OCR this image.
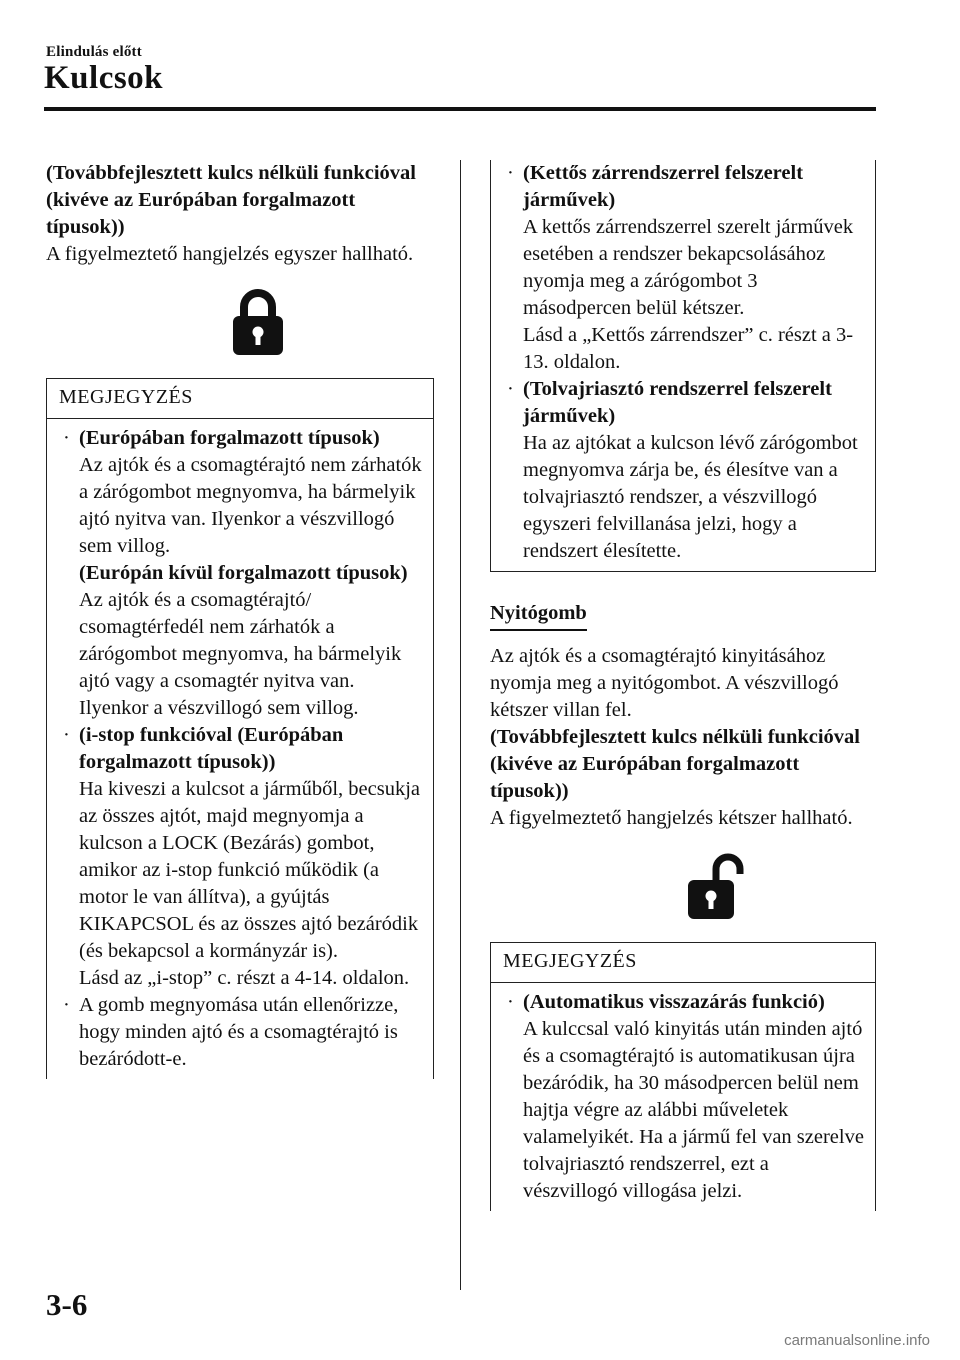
Elindulás előtt
Kulcsok

(Továbbfejlesztett kulcs nélküli funkcióval (kivéve az Európában forgalmazott típusok))

A figyelmeztető hangjelzés egyszer hallható.

MEGJEGYZÉS
· (Európában forgalmazott típusok)

Az ajtók és a csomagtérajtó nem zárhatók a zárógombot megnyomva, ha bármelyik ajtó nyitva van. Ilyenkor a vészvillogó sem villog.

(Európán kívül forgalmazott típusok)

Az ajtók és a csomagtérajtó/ csomagtérfedél nem zárhatók a zárógombot megnyomva, ha bármelyik ajtó vagy a csomagtér nyitva van. Ilyenkor a vészvillogó sem villog.

· (i-stop funkcióval (Európában forgalmazott típusok))

Ha kiveszi a kulcsot a járműből, becsukja az összes ajtót, majd megnyomja a kulcson a LOCK (Bezárás) gombot, amikor az i-stop funkció működik (a motor le van állítva), a gyújtás KIKAPCSOL és az összes ajtó bezáródik (és bekapcsol a kormányzár is).

Lásd az „i-stop” c. részt a 4-14. oldalon.

· A gomb megnyomása után ellenőrizze, hogy minden ajtó és a csomagtérajtó is bezáródott-e.

· (Kettős zárrendszerrel felszerelt járművek)

A kettős zárrendszerrel szerelt járművek esetében a rendszer bekapcsolásához nyomja meg a zárógombot 3 másodpercen belül kétszer.

Lásd a „Kettős zárrendszer” c. részt a 3-13. oldalon.

· (Tolvajriasztó rendszerrel felszerelt járművek)

Ha az ajtókat a kulcson lévő zárógombot megnyomva zárja be, és élesítve van a tolvajriasztó rendszer, a vészvillogó egyszeri felvillanása jelzi, hogy a rendszert élesítette.

Nyitógomb

Az ajtók és a csomagtérajtó kinyitásához nyomja meg a nyitógombot. A vészvillogó kétszer villan fel.

(Továbbfejlesztett kulcs nélküli funkcióval (kivéve az Európában forgalmazott típusok))

A figyelmeztető hangjelzés kétszer hallható.

MEGJEGYZÉS
· (Automatikus visszazárás funkció)

A kulccsal való kinyitás után minden ajtó és a csomagtérajtó is automatikusan újra bezáródik, ha 30 másodpercen belül nem hajtja végre az alábbi műveletek valamelyikét. Ha a jármű fel van szerelve tolvajriasztó rendszerrel, ezt a vészvillogó villogása jelzi.

3-6
carmanualsonline.info
